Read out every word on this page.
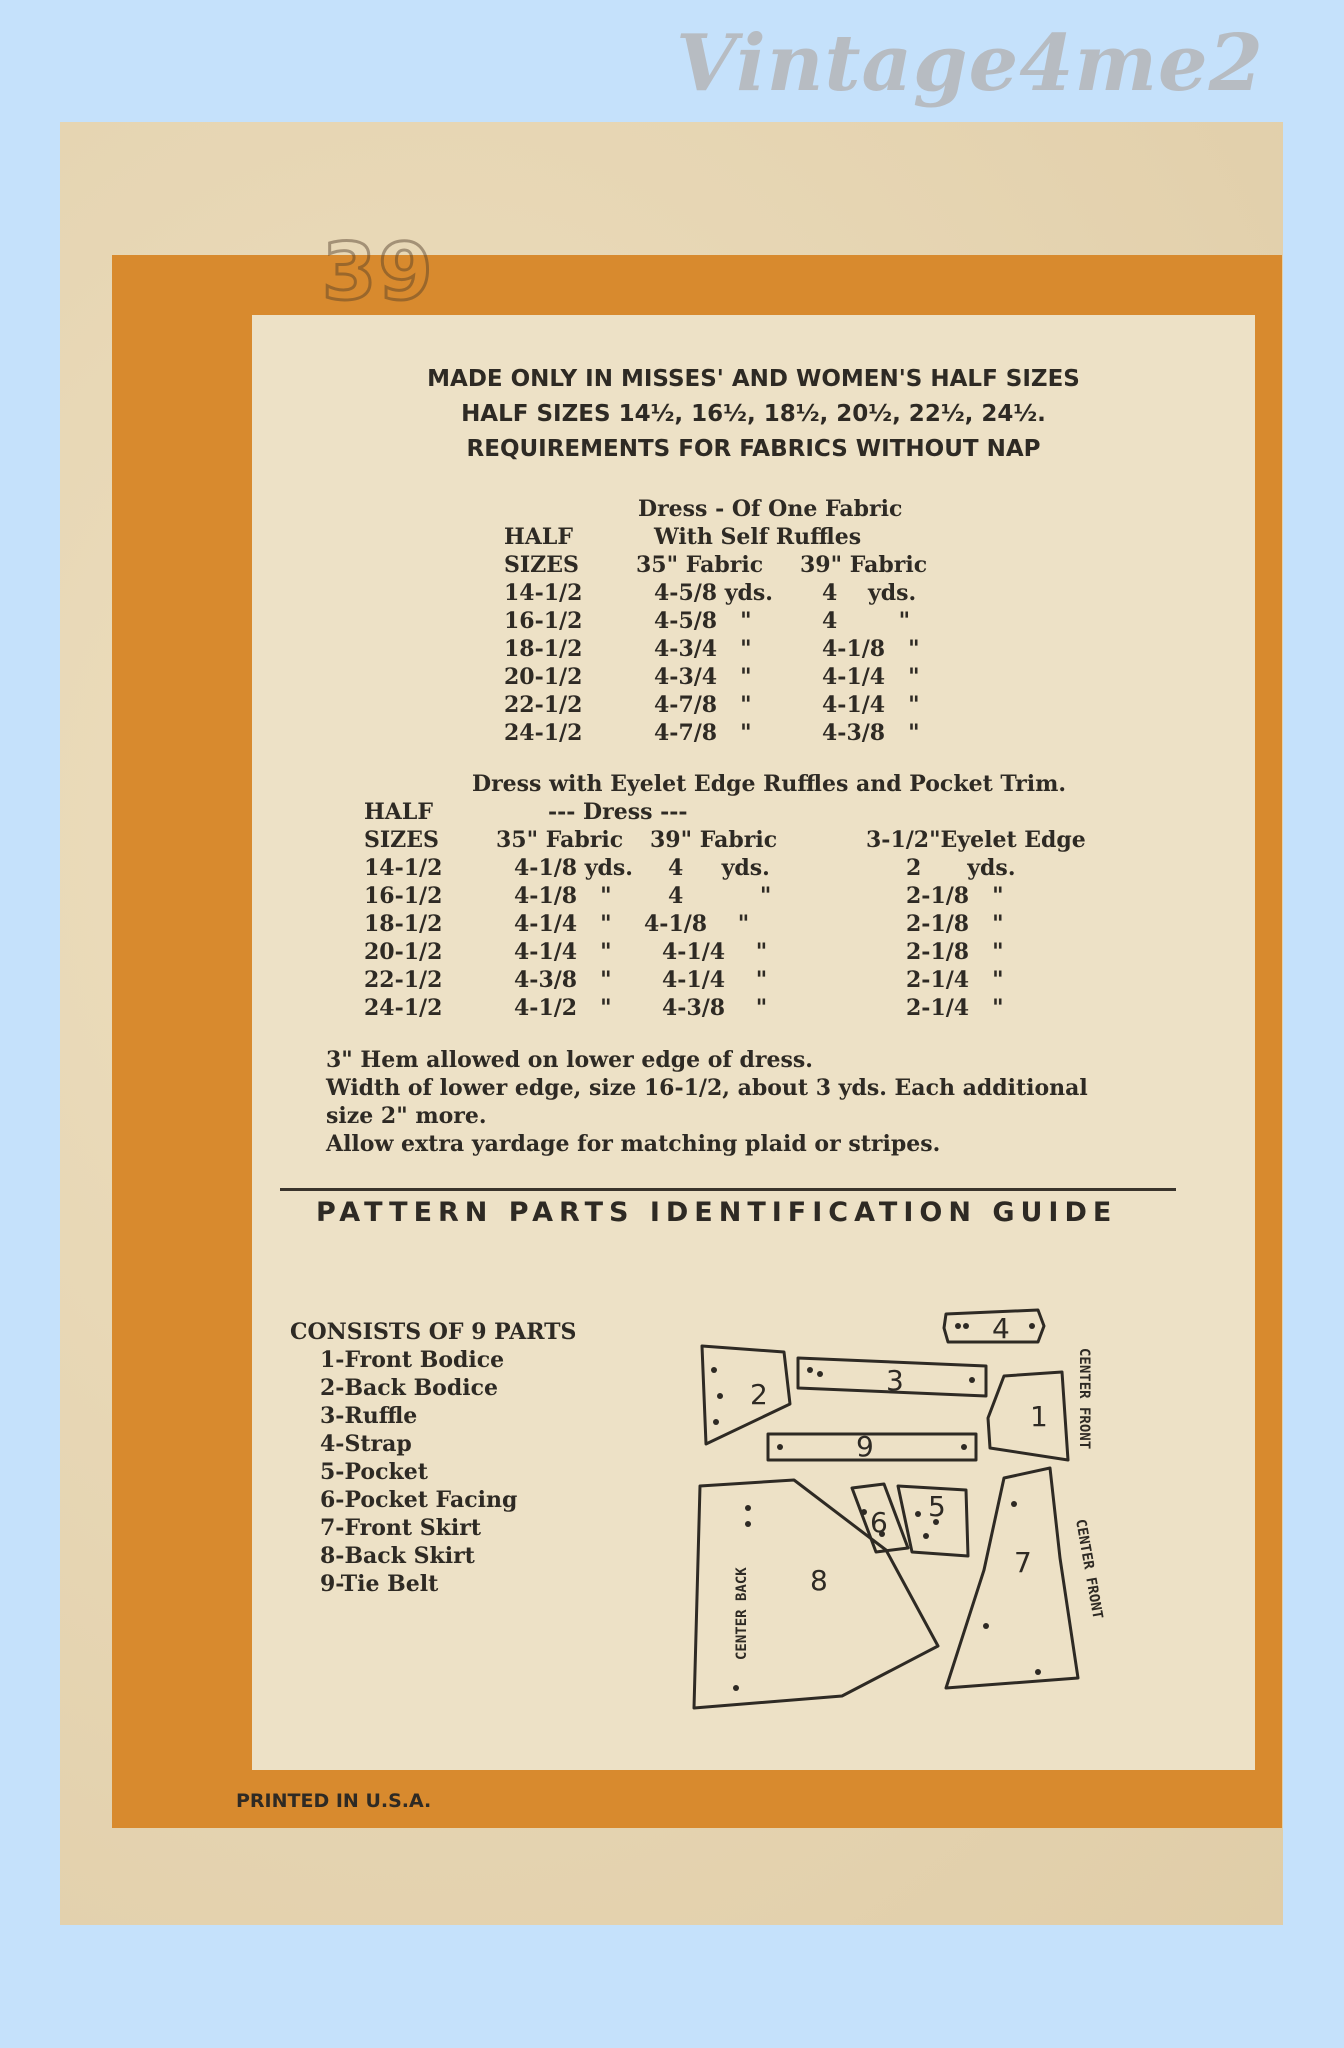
Vintage4me2
39
MADE ONLY IN MISSES' AND WOMEN'S HALF SIZES
HALF SIZES 14½, 16½, 18½, 20½, 22½, 24½.
REQUIREMENTS FOR FABRICS WITHOUT NAP
Dress - Of One Fabric
With Self Ruffles
HALF
SIZES	35" Fabric 39" Fabric
14-1/2	4-5/8 yds. 4    yds.
16-1/2	4-5/8   "	4        "
18-1/2	4-3/4   "	4-1/8   "
20-1/2	4-3/4   "	4-1/4   "
22-1/2	4-7/8   "	4-1/4   "
24-1/2	4-7/8   "	4-3/8   "
Dress with Eyelet Edge Ruffles and Pocket Trim.
HALF	--- Dress ---
SIZES	35" Fabric 39" Fabric	3-1/2"Eyelet Edge
14-1/2	4-1/8 yds. 4     yds.	2      yds.
16-1/2	4-1/8   "	4          "	2-1/8   "
18-1/2	4-1/4   " 4-1/8    "	2-1/8   "
20-1/2	4-1/4   " 4-1/4    "	2-1/8   "
22-1/2	4-3/8   " 4-1/4    "	2-1/4   "
24-1/2	4-1/2   " 4-3/8    "	2-1/4   "
3" Hem allowed on lower edge of dress.
Width of lower edge, size 16-1/2, about 3 yds. Each additional
size 2" more.
Allow extra yardage for matching plaid or stripes.
PATTERN PARTS IDENTIFICATION GUIDE
CONSISTS OF 9 PARTS
1-Front Bodice
2-Back Bodice
3-Ruffle
4-Strap
5-Pocket
6-Pocket Facing
7-Front Skirt
8-Back Skirt
9-Tie Belt
4
2	3
1
9
8
6 5
7
CENTER FRONT
CENTER FRONT
CENTER BACK
PRINTED IN U.S.A.
